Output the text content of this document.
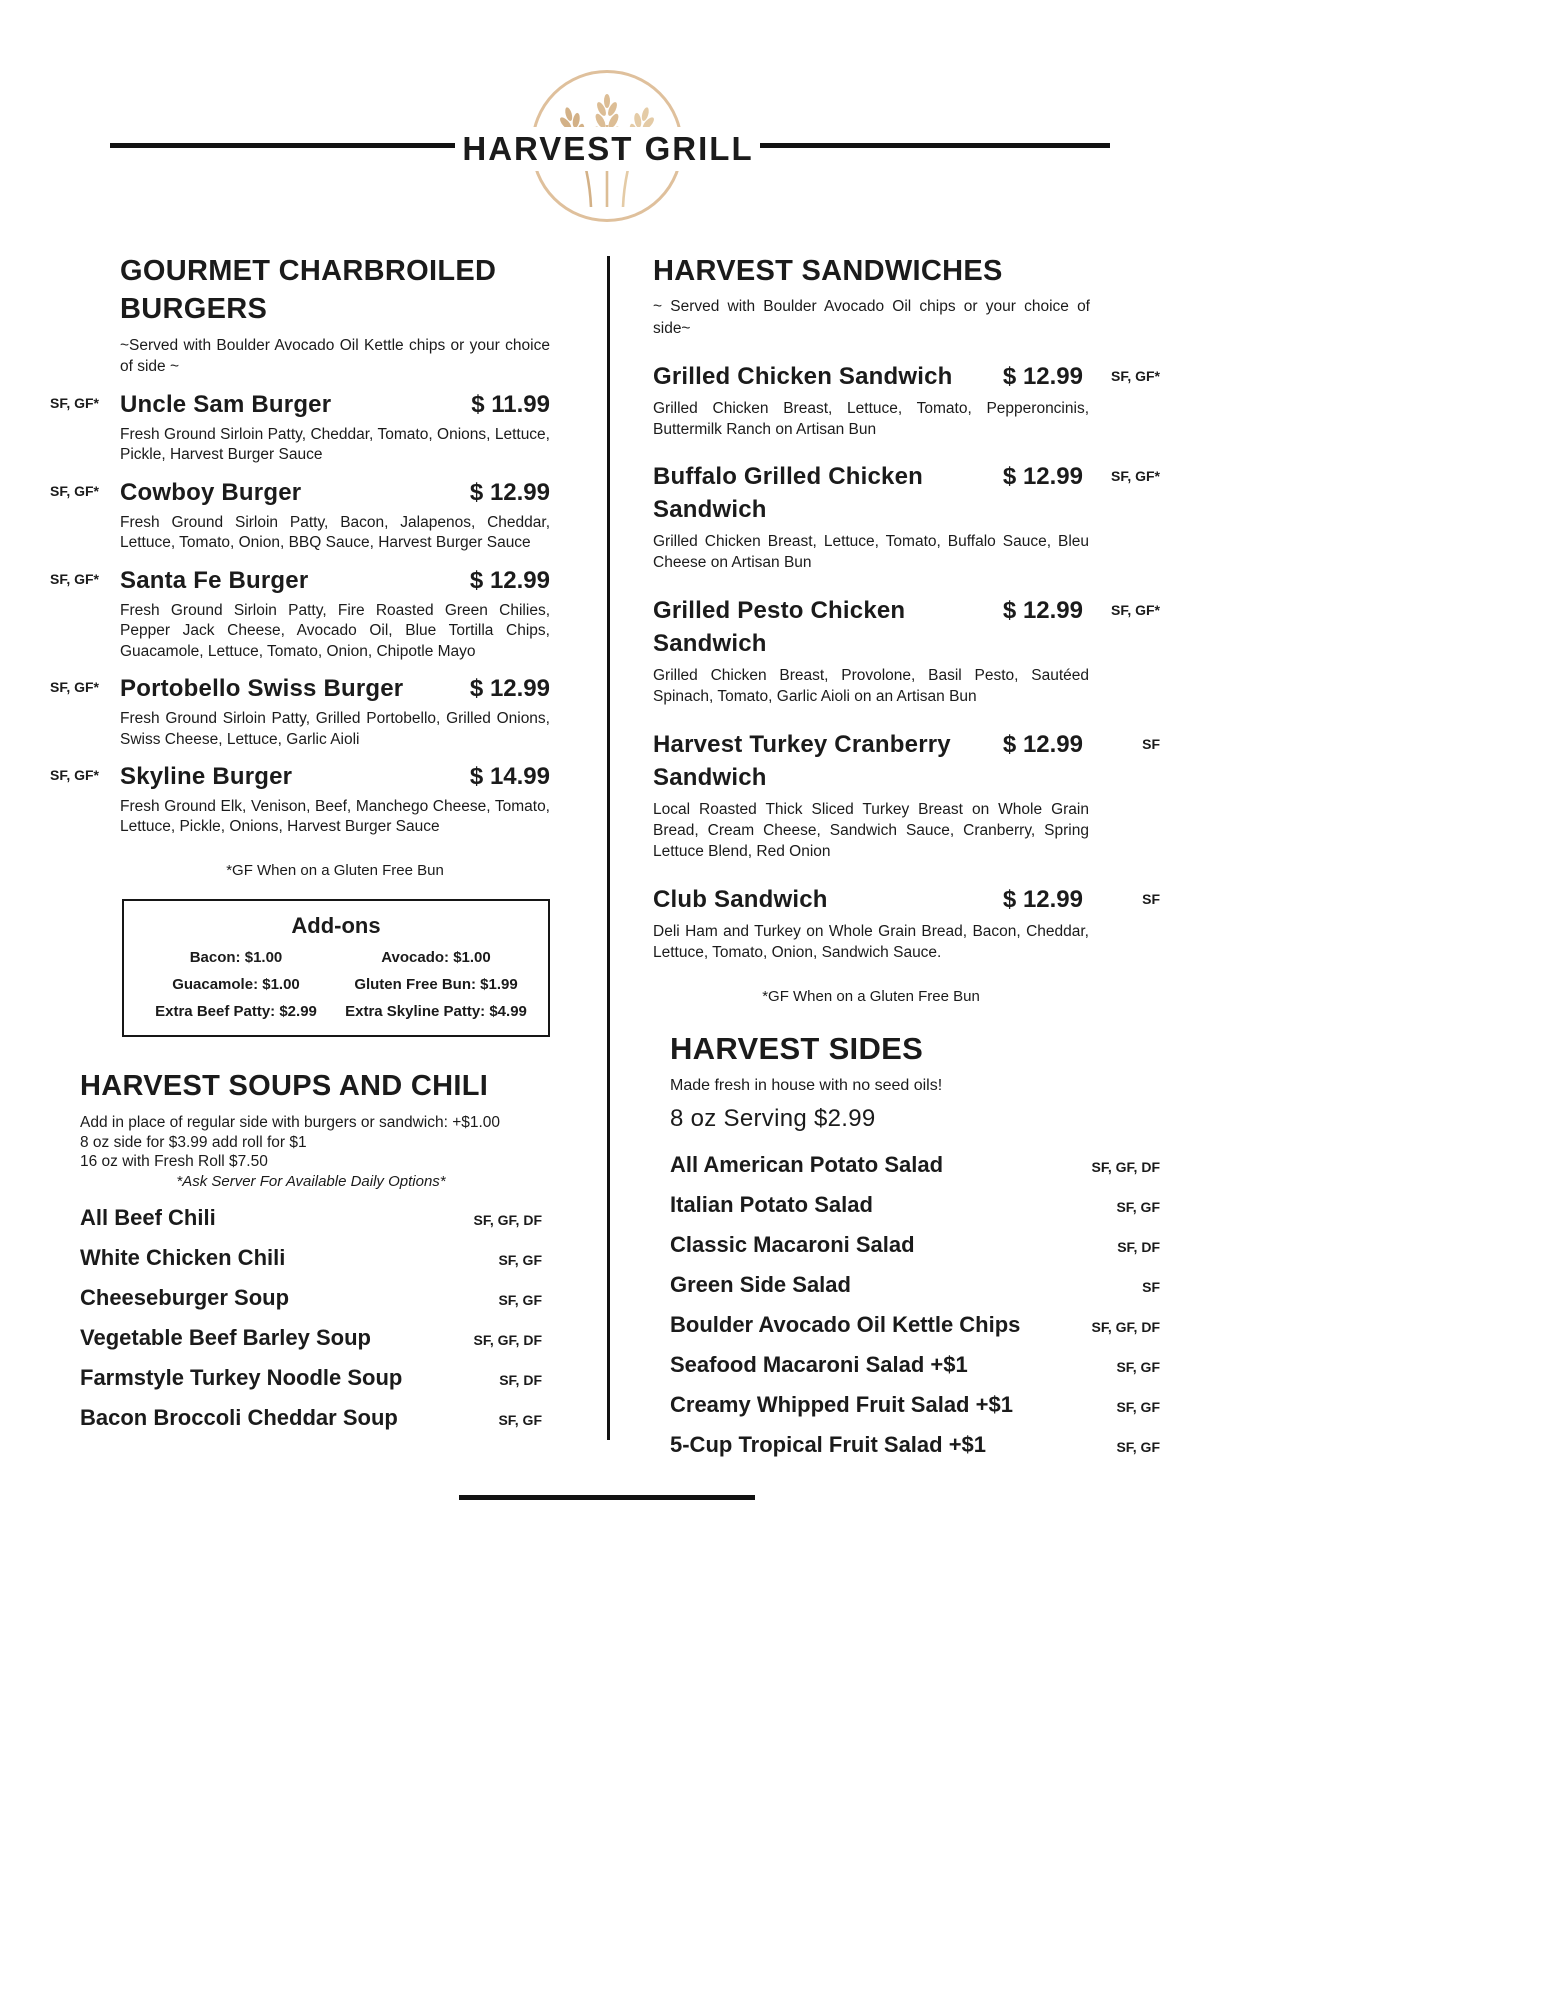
HARVEST GRILL
GOURMET CHARBROILED BURGERS

~Served with Boulder Avocado Oil Kettle chips or your choice of side ~

SF, GF* Uncle Sam Burger	$ 11.99

Fresh Ground Sirloin Patty, Cheddar, Tomato, Onions, Lettuce, Pickle, Harvest Burger Sauce

SF, GF* Cowboy Burger	$ 12.99

Fresh Ground Sirloin Patty, Bacon, Jalapenos, Cheddar, Lettuce, Tomato, Onion, BBQ Sauce, Harvest Burger Sauce

SF, GF* Santa Fe Burger	$ 12.99

Fresh Ground Sirloin Patty, Fire Roasted Green Chilies, Pepper Jack Cheese, Avocado Oil, Blue Tortilla Chips, Guacamole, Lettuce, Tomato, Onion, Chipotle Mayo

SF, GF* Portobello Swiss Burger	$ 12.99

Fresh Ground Sirloin Patty, Grilled Portobello, Grilled Onions, Swiss Cheese, Lettuce, Garlic Aioli

SF, GF* Skyline Burger	$ 14.99

Fresh Ground Elk, Venison, Beef, Manchego Cheese, Tomato, Lettuce, Pickle, Onions, Harvest Burger Sauce

*GF When on a Gluten Free Bun

Add-ons
Bacon: $1.00	Avocado: $1.00
Guacamole: $1.00	Gluten Free Bun: $1.99
Extra Beef Patty: $2.99	Extra Skyline Patty: $4.99
HARVEST SOUPS AND CHILI

Add in place of regular side with burgers or sandwich: +$1.00

8 oz side for $3.99 add roll for $1

16 oz with Fresh Roll $7.50

*Ask Server For Available Daily Options*

All Beef Chili	SF, GF, DF
White Chicken Chili	SF, GF
Cheeseburger Soup	SF, GF
Vegetable Beef Barley Soup	SF, GF, DF
Farmstyle Turkey Noodle Soup	SF, DF
Bacon Broccoli Cheddar Soup	SF, GF
HARVEST SANDWICHES

~ Served with Boulder Avocado Oil chips or your choice of side~

Grilled Chicken Sandwich	$ 12.99	SF, GF*

Grilled Chicken Breast, Lettuce, Tomato, Pepperoncinis, Buttermilk Ranch on Artisan Bun

Buffalo Grilled Chicken Sandwich
$ 12.99	SF, GF*

Grilled Chicken Breast, Lettuce, Tomato, Buffalo Sauce, Bleu Cheese on Artisan Bun

Grilled Pesto Chicken Sandwich
$ 12.99	SF, GF*

Grilled Chicken Breast, Provolone, Basil Pesto, Sautéed Spinach, Tomato, Garlic Aioli on an Artisan Bun

Harvest Turkey Cranberry Sandwich
$ 12.99	SF

Local Roasted Thick Sliced Turkey Breast on Whole Grain Bread, Cream Cheese, Sandwich Sauce, Cranberry, Spring Lettuce Blend, Red Onion

Club Sandwich	$ 12.99	SF

Deli Ham and Turkey on Whole Grain Bread, Bacon, Cheddar, Lettuce, Tomato, Onion, Sandwich Sauce.

*GF When on a Gluten Free Bun

HARVEST SIDES

Made fresh in house with no seed oils!

8 oz Serving $2.99

All American Potato Salad	SF, GF, DF
Italian Potato Salad	SF, GF
Classic Macaroni Salad	SF, DF
Green Side Salad	SF
Boulder Avocado Oil Kettle Chips	SF, GF, DF
Seafood Macaroni Salad +$1	SF, GF
Creamy Whipped Fruit Salad +$1	SF, GF
5-Cup Tropical Fruit Salad +$1	SF, GF
